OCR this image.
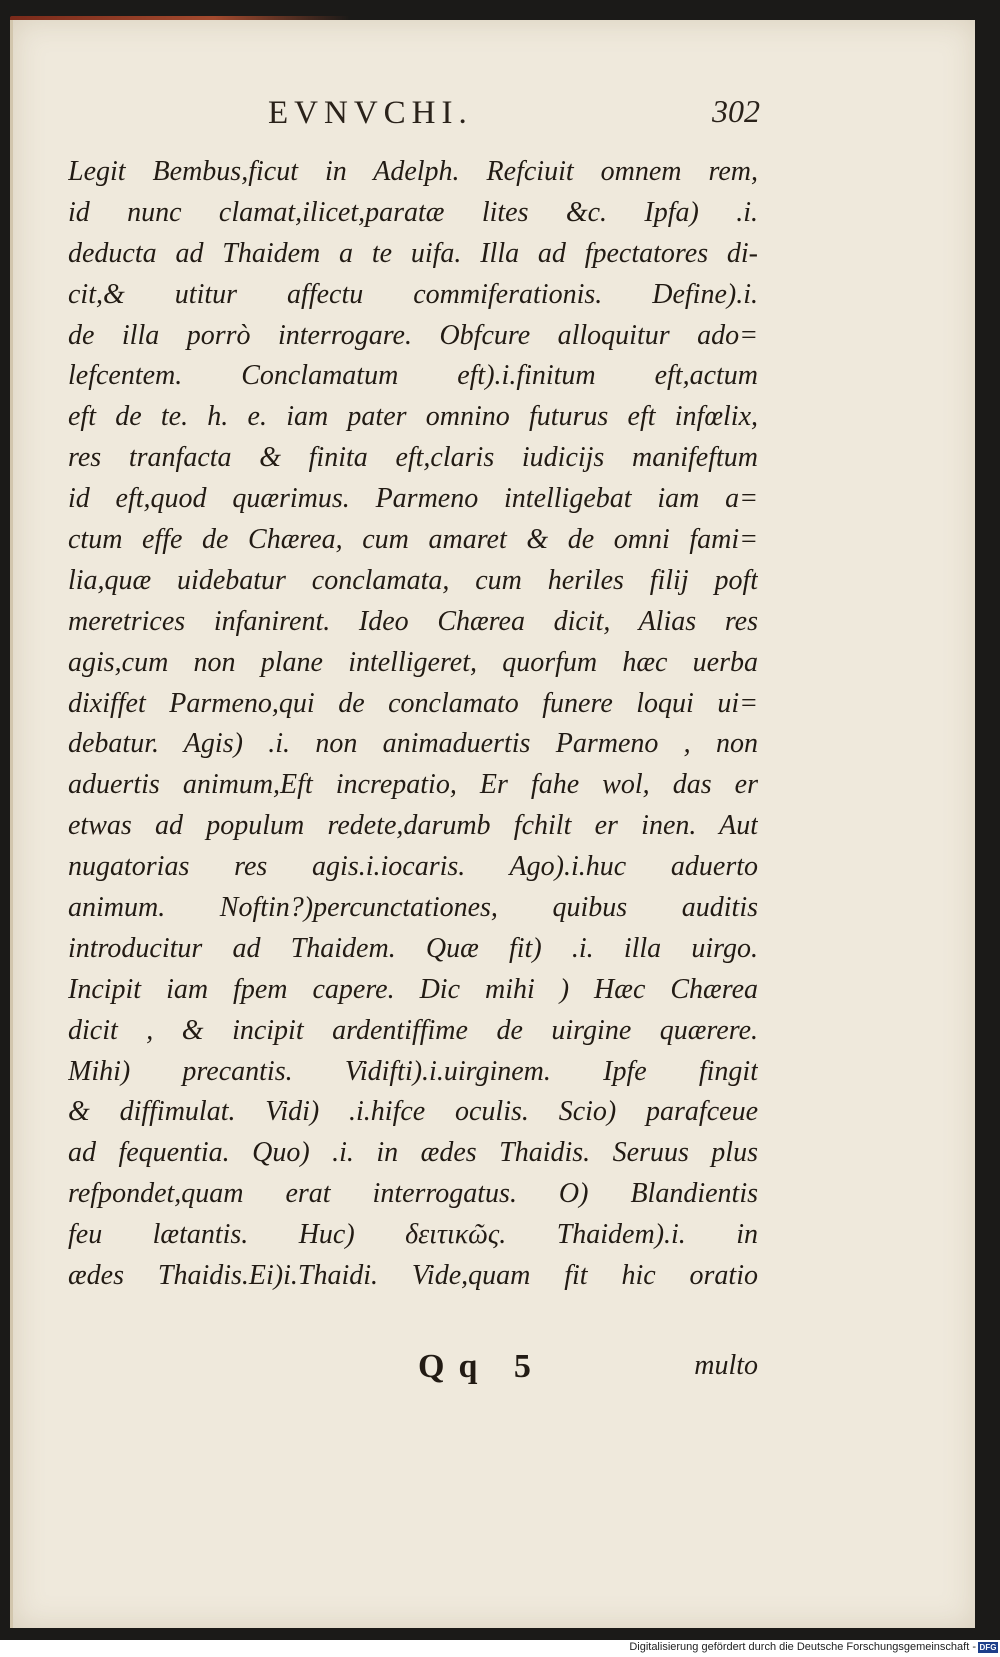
EVNVCHI.	302
Legit Bembus,ficut in Adelph. Refciuit omnem rem,
id nunc clamat,ilicet,paratæ lites &c. Ipfa) .i.
deducta ad Thaidem a te uifa. Illa ad fpectatores di-
cit,& utitur affectu commiferationis. Define).i.
de illa porrò interrogare. Obfcure alloquitur ado=
lefcentem. Conclamatum eft).i.finitum eft,actum
eft de te. h. e. iam pater omnino futurus eft infœlix,
res tranfacta & finita eft,claris iudicijs manifeftum
id eft,quod quærimus. Parmeno intelligebat iam a=
ctum effe de Chærea, cum amaret & de omni fami=
lia,quæ uidebatur conclamata, cum heriles filij poft
meretrices infanirent. Ideo Chærea dicit, Alias res
agis,cum non plane intelligeret, quorfum hæc uerba
dixiffet Parmeno,qui de conclamato funere loqui ui=
debatur. Agis) .i. non animaduertis Parmeno , non
aduertis animum,Eft increpatio, Er fahe wol, das er
etwas ad populum redete,darumb fchilt er inen. Aut
nugatorias res agis.i.iocaris. Ago).i.huc aduerto
animum. Noftin?)percunctationes, quibus auditis
introducitur ad Thaidem. Quæ fit) .i. illa uirgo.
Incipit iam fpem capere. Dic mihi ) Hæc Chærea
dicit , & incipit ardentiffime de uirgine quærere.
Mihi) precantis. Vidifti).i.uirginem. Ipfe fingit
& diffimulat. Vidi) .i.hifce oculis. Scio) parafceue
ad fequentia. Quo) .i. in ædes Thaidis. Seruus plus
refpondet,quam erat interrogatus. O) Blandientis
feu lætantis. Huc) δειτικῶς. Thaidem).i. in
ædes Thaidis.Ei)i.Thaidi. Vide,quam fit hic oratio
Qq 5	multo
Digitalisierung gefördert durch die Deutsche Forschungsgemeinschaft - DFG
